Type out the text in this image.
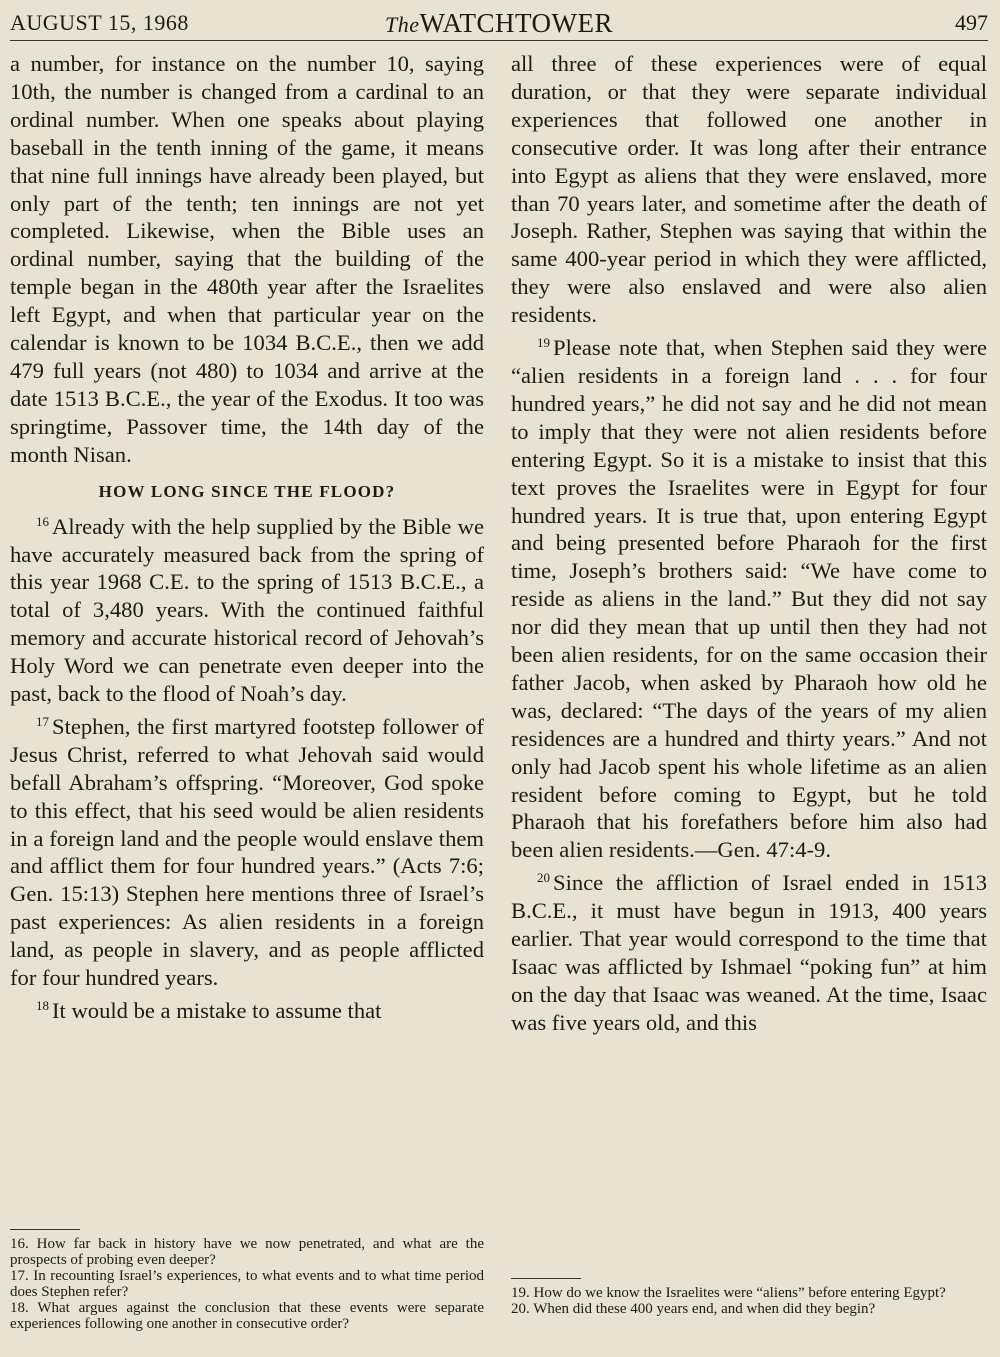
AUGUST 15, 1968	TheWATCHTOWER	497

a number, for instance on the number 10, saying 10th, the number is changed from a cardinal to an ordinal number. When one speaks about playing baseball in the tenth inning of the game, it means that nine full innings have already been played, but only part of the tenth; ten innings are not yet completed. Likewise, when the Bible uses an ordinal number, saying that the building of the temple began in the 480th year after the Israelites left Egypt, and when that particular year on the calendar is known to be 1034 B.C.E., then we add 479 full years (not 480) to 1034 and arrive at the date 1513 B.C.E., the year of the Exodus. It too was springtime, Passover time, the 14th day of the month Nisan.

HOW LONG SINCE THE FLOOD?

$^{16}$ Already with the help supplied by the Bible we have accurately measured back from the spring of this year 1968 C.E. to the spring of 1513 B.C.E., a total of 3,480 years. With the continued faithful memory and accurate historical record of Jehovah’s Holy Word we can penetrate even deeper into the past, back to the flood of Noah’s day.

$^{17}$ Stephen, the first martyred footstep follower of Jesus Christ, referred to what Jehovah said would befall Abraham’s offspring. “Moreover, God spoke to this effect, that his seed would be alien residents in a foreign land and the people would enslave them and afflict them for four hundred years.” (Acts 7:6; Gen. 15:13) Stephen here mentions three of Israel’s past experiences: As alien residents in a foreign land, as people in slavery, and as people afflicted for four hundred years.

$^{18}$ It would be a mistake to assume that

all three of these experiences were of equal duration, or that they were separate individual experiences that followed one another in consecutive order. It was long after their entrance into Egypt as aliens that they were enslaved, more than 70 years later, and sometime after the death of Joseph. Rather, Stephen was saying that within the same 400-year period in which they were afflicted, they were also enslaved and were also alien residents.

$^{19}$ Please note that, when Stephen said they were “alien residents in a foreign land . . . for four hundred years,” he did not say and he did not mean to imply that they were not alien residents before entering Egypt. So it is a mistake to insist that this text proves the Israelites were in Egypt for four hundred years. It is true that, upon entering Egypt and being presented before Pharaoh for the first time, Joseph’s brothers said: “We have come to reside as aliens in the land.” But they did not say nor did they mean that up until then they had not been alien residents, for on the same occasion their father Jacob, when asked by Pharaoh how old he was, declared: “The days of the years of my alien residences are a hundred and thirty years.” And not only had Jacob spent his whole lifetime as an alien resident before coming to Egypt, but he told Pharaoh that his forefathers before him also had been alien residents.—Gen. 47:4-9.

$^{20}$ Since the affliction of Israel ended in 1513 B.C.E., it must have begun in 1913, 400 years earlier. That year would correspond to the time that Isaac was afflicted by Ishmael “poking fun” at him on the day that Isaac was weaned. At the time, Isaac was five years old, and this

16. How far back in history have we now penetrated, and what are the prospects of probing even deeper?
17. In recounting Israel’s experiences, to what events and to what time period does Stephen refer?
18. What argues against the conclusion that these events were separate experiences following one another in consecutive order?
19. How do we know the Israelites were “aliens” before entering Egypt?
20. When did these 400 years end, and when did they begin?
